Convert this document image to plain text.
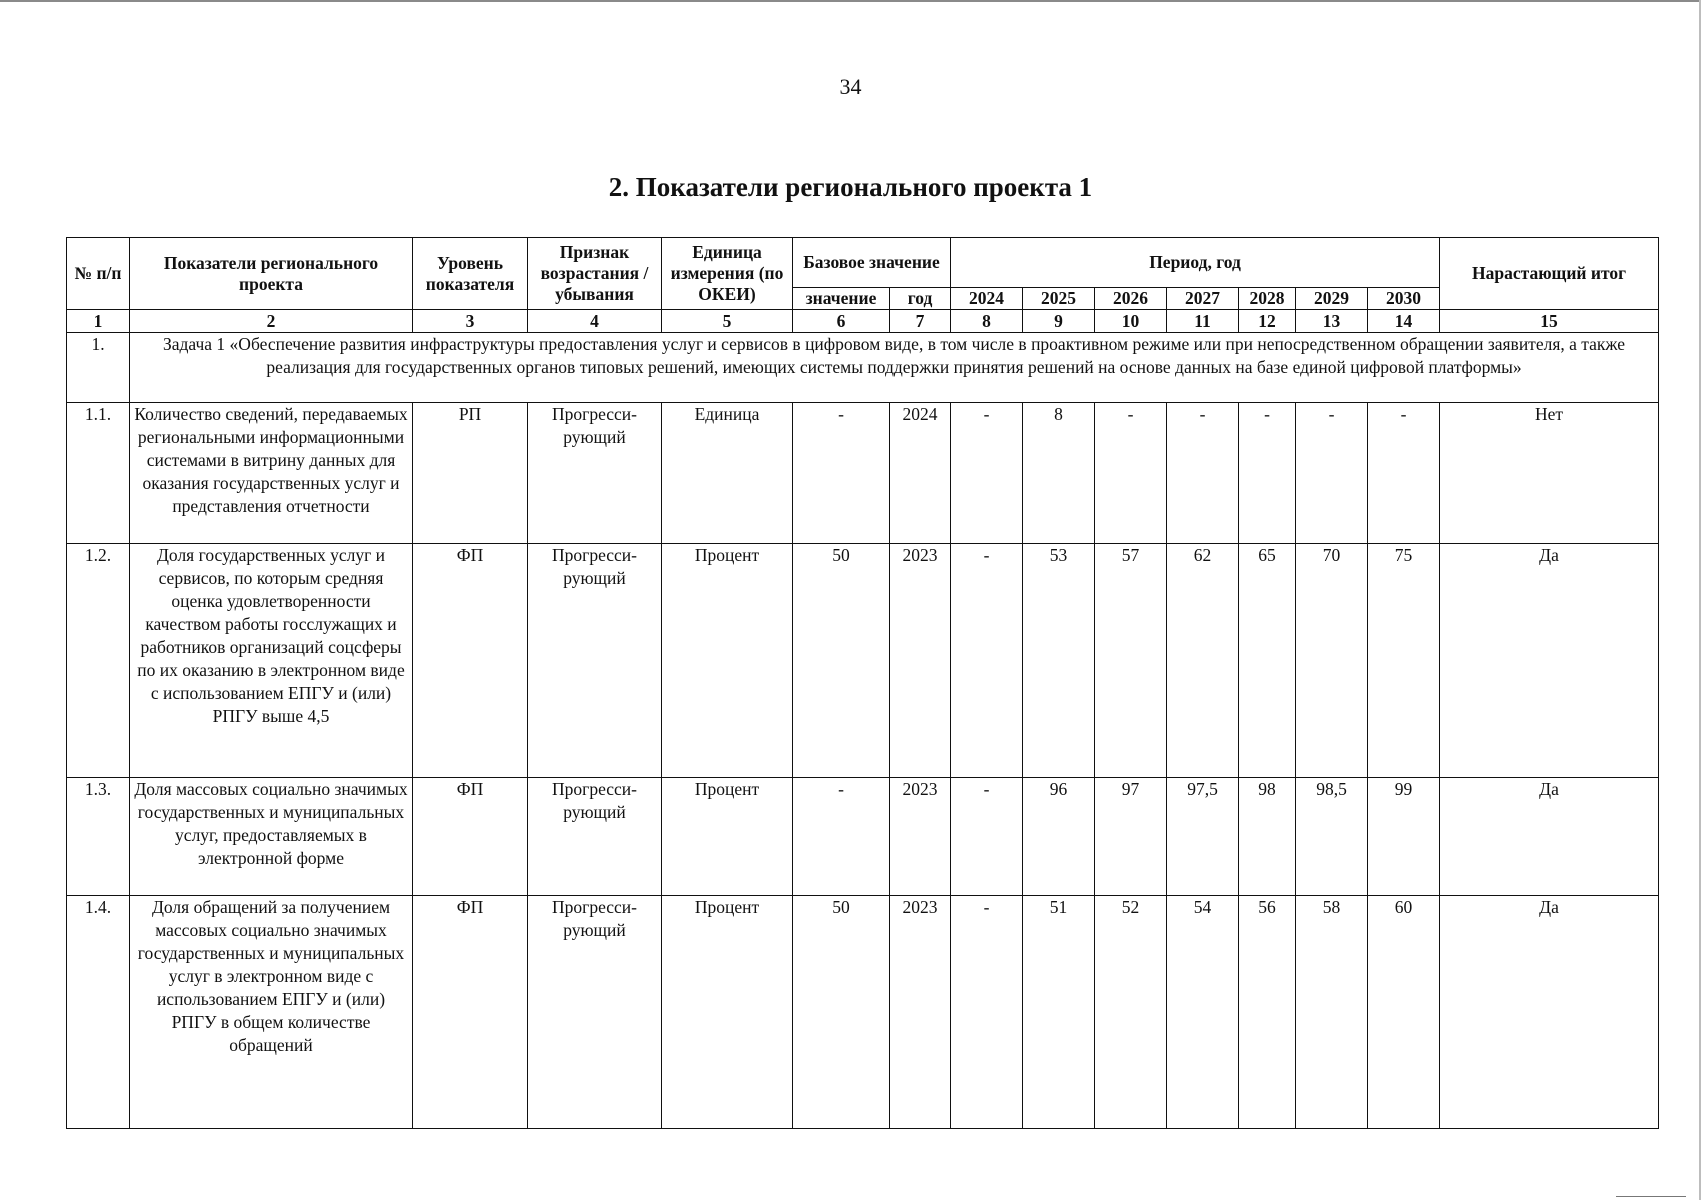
34
2. Показатели регионального проекта 1
№ п/п	Показатели регионального проекта	Уровень показателя	Признак возрастания / убывания	Единица измерения (по ОКЕИ)	Базовое значение		Период, год							Нарастающий итог
					значение	год	2024	2025	2026	2027	2028	2029	2030	
1	2	3	4	5	6	7	8	9	10	11	12	13	14	15
1.	Задача 1 «Обеспечение развития инфраструктуры предоставления услуг и сервисов в цифровом виде, в том числе в проактивном режиме или при непосредственном обращении заявителя, а также реализация для государственных органов типовых решений, имеющих системы поддержки принятия решений на основе данных на базе единой цифровой платформы»													
1.1.	Количество сведений, передаваемых региональными информационными системами в витрину данных для оказания государственных услуг и представления отчетности	РП	Прогресси-рующий	Единица	-	2024	-	8	-	-	-	-	-	Нет
1.2.	Доля государственных услуг и сервисов, по которым средняя оценка удовлетворенности качеством работы госслужащих и работников организаций соцсферы по их оказанию в электронном виде с использованием ЕПГУ и (или) РПГУ выше 4,5	ФП	Прогресси-рующий	Процент	50	2023	-	53	57	62	65	70	75	Да
1.3.	Доля массовых социально значимых государственных и муниципальных услуг, предоставляемых в электронной форме	ФП	Прогресси-рующий	Процент	-	2023	-	96	97	97,5	98	98,5	99	Да
1.4.	Доля обращений за получением массовых социально значимых государственных и муниципальных услуг в электронном виде с использованием ЕПГУ и (или) РПГУ в общем количестве обращений	ФП	Прогресси-рующий	Процент	50	2023	-	51	52	54	56	58	60	Да
